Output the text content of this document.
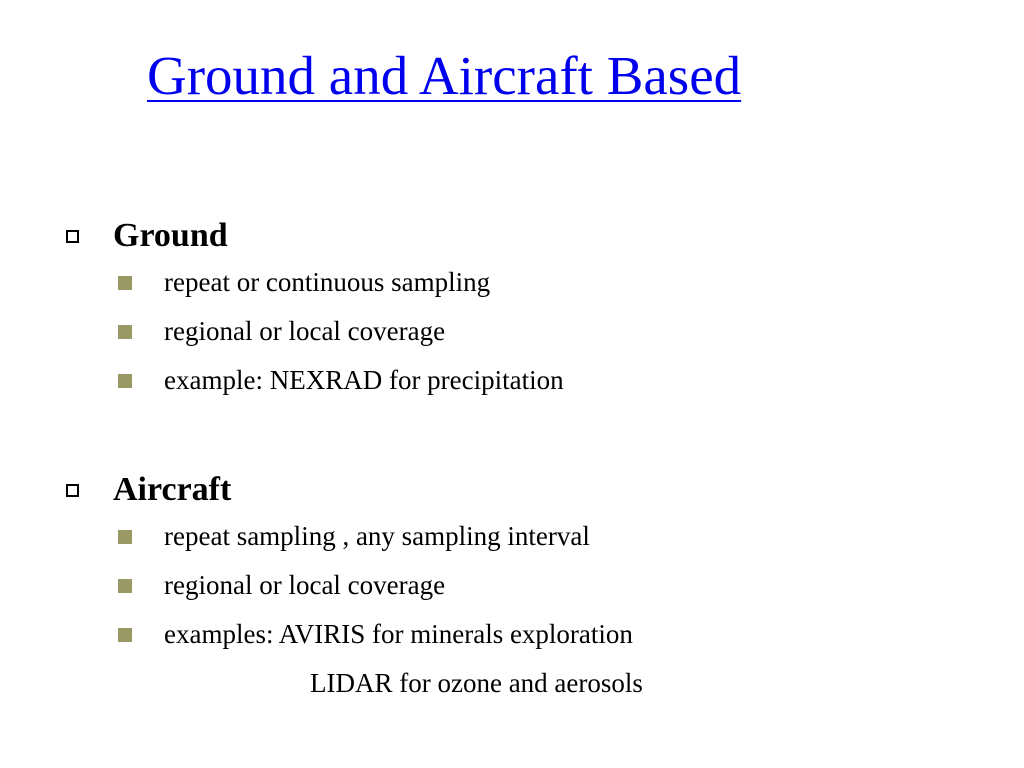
Ground and Aircraft Based
Ground
repeat or continuous sampling
regional or local coverage
example: NEXRAD for precipitation
Aircraft
repeat sampling , any sampling interval
regional or local coverage
examples: AVIRIS for minerals exploration
LIDAR for ozone and aerosols
